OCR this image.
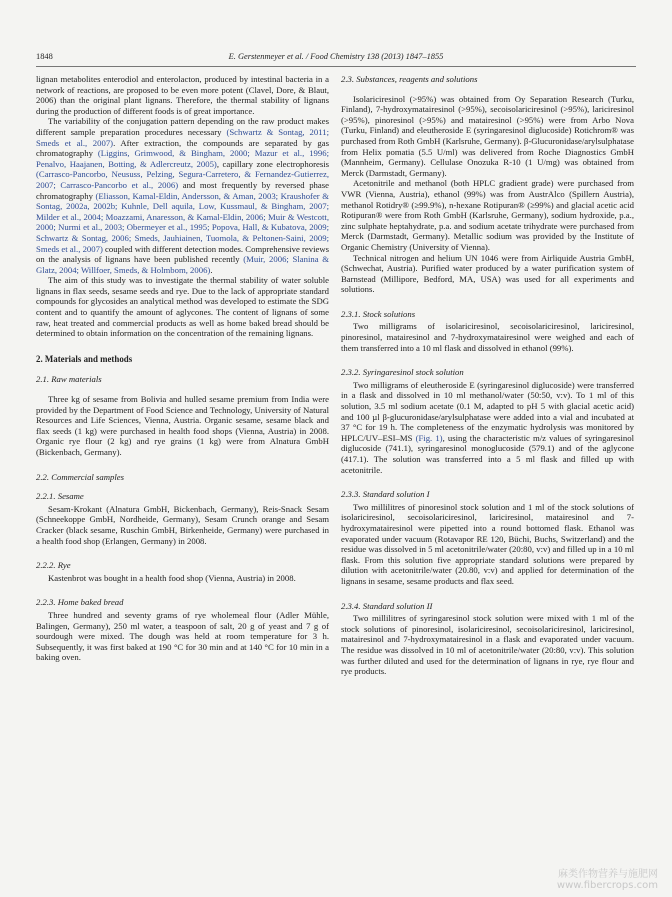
1848	E. Gerstenmeyer et al. / Food Chemistry 138 (2013) 1847–1855

lignan metabolites enterodiol and enterolacton, produced by intestinal bacteria in a network of reactions, are proposed to be even more potent (Clavel, Dore, & Blaut, 2006) than the original plant lignans. Therefore, the thermal stability of lignans during the production of different foods is of great importance.

The variability of the conjugation pattern depending on the raw product makes different sample preparation procedures necessary (Schwartz & Sontag, 2011; Smeds et al., 2007). After extraction, the compounds are separated by gas chromatography (Liggins, Grimwood, & Bingham, 2000; Mazur et al., 1996; Penalvo, Haajanen, Botting, & Adlercreutz, 2005), capillary zone electrophoresis (Carrasco-Pancorbo, Neususs, Pelzing, Segura-Carretero, & Fernandez-Gutierrez, 2007; Carrasco-Pancorbo et al., 2006) and most frequently by reversed phase chromatography (Eliasson, Kamal-Eldin, Andersson, & Aman, 2003; Kraushofer & Sontag, 2002a, 2002b; Kuhnle, Dell aquila, Low, Kussmaul, & Bingham, 2007; Milder et al., 2004; Moazzami, Anaresson, & Kamal-Eldin, 2006; Muir & Westcott, 2000; Nurmi et al., 2003; Obermeyer et al., 1995; Popova, Hall, & Kubatova, 2009; Schwartz & Sontag, 2006; Smeds, Jauhiainen, Tuomola, & Peltonen-Saini, 2009; Smeds et al., 2007) coupled with different detection modes. Comprehensive reviews on the analysis of lignans have been published recently (Muir, 2006; Slanina & Glatz, 2004; Willfoer, Smeds, & Holmbom, 2006).

The aim of this study was to investigate the thermal stability of water soluble lignans in flax seeds, sesame seeds and rye. Due to the lack of appropriate standard compounds for glycosides an analytical method was developed to estimate the SDG content and to quantify the amount of aglycones. The content of lignans of some raw, heat treated and commercial products as well as home baked bread should be determined to obtain information on the concentration of the remaining lignans.

2. Materials and methods
2.1. Raw materials

Three kg of sesame from Bolivia and hulled sesame premium from India were provided by the Department of Food Science and Technology, University of Natural Resources and Life Sciences, Vienna, Austria. Organic sesame, sesame black and flax seeds (1 kg) were purchased in health food shops (Vienna, Austria) in 2008. Organic rye flour (2 kg) and rye grains (1 kg) were from Alnatura GmbH (Bickenbach, Germany).

2.2. Commercial samples
2.2.1. Sesame

Sesam-Krokant (Alnatura GmbH, Bickenbach, Germany), Reis-Snack Sesam (Schneekoppe GmbH, Nordheide, Germany), Sesam Crunch orange and Sesam Cracker (black sesame, Ruschin GmbH, Birkenheide, Germany) were purchased in a health food shop (Erlangen, Germany) in 2008.

2.2.2. Rye

Kastenbrot was bought in a health food shop (Vienna, Austria) in 2008.

2.2.3. Home baked bread

Three hundred and seventy grams of rye wholemeal flour (Adler Mühle, Balingen, Germany), 250 ml water, a teaspoon of salt, 20 g of yeast and 7 g of sourdough were mixed. The dough was held at room temperature for 3 h. Subsequently, it was first baked at 190 °C for 30 min and at 140 °C for 10 min in a baking oven.

2.3. Substances, reagents and solutions

Isolariciresinol (>95%) was obtained from Oy Separation Research (Turku, Finland), 7-hydroxymatairesinol (>95%), secoisolariciresinol (>95%), lariciresinol (>95%), pinoresinol (>95%) and matairesinol (>95%) were from Arbo Nova (Turku, Finland) and eleutheroside E (syringaresinol diglucoside) Rotichrom® was purchased from Roth GmbH (Karlsruhe, Germany). β-Glucuronidase/arylsulphatase from Helix pomatia (5.5 U/ml) was delivered from Roche Diagnostics GmbH (Mannheim, Germany). Cellulase Onozuka R-10 (1 U/mg) was obtained from Merck (Darmstadt, Germany).

Acetonitrile and methanol (both HPLC gradient grade) were purchased from VWR (Vienna, Austria), ethanol (99%) was from AustrAlco (Spillern Austria), methanol Rotidry® (≥99.9%), n-hexane Rotipuran® (≥99%) and glacial acetic acid Rotipuran® were from Roth GmbH (Karlsruhe, Germany), sodium hydroxide, p.a., zinc sulphate heptahydrate, p.a. and sodium acetate trihydrate were purchased from Merck (Darmstadt, Germany). Metallic sodium was provided by the Institute of Organic Chemistry (University of Vienna).

Technical nitrogen and helium UN 1046 were from Airliquide Austria GmbH, (Schwechat, Austria). Purified water produced by a water purification system of Barnstead (Millipore, Bedford, MA, USA) was used for all experiments and solutions.

2.3.1. Stock solutions

Two milligrams of isolariciresinol, secoisolariciresinol, lariciresinol, pinoresinol, matairesinol and 7-hydroxymatairesinol were weighed and each of them transferred into a 10 ml flask and dissolved in ethanol (99%).

2.3.2. Syringaresinol stock solution

Two milligrams of eleutheroside E (syringaresinol diglucoside) were transferred in a flask and dissolved in 10 ml methanol/water (50:50, v:v). To 1 ml of this solution, 3.5 ml sodium acetate (0.1 M, adapted to pH 5 with glacial acetic acid) and 100 µl β-glucuronidase/arylsulphatase were added into a vial and incubated at 37 °C for 19 h. The completeness of the enzymatic hydrolysis was monitored by HPLC/UV–ESI–MS (Fig. 1), using the characteristic m/z values of syringaresinol diglucoside (741.1), syringaresinol monoglucoside (579.1) and of the aglycone (417.1). The solution was transferred into a 5 ml flask and filled up with acetonitrile.

2.3.3. Standard solution I

Two millilitres of pinoresinol stock solution and 1 ml of the stock solutions of isolariciresinol, secoisolariciresinol, lariciresinol, matairesinol and 7-hydroxymatairesinol were pipetted into a round bottomed flask. Ethanol was evaporated under vacuum (Rotavapor RE 120, Büchi, Buchs, Switzerland) and the residue was dissolved in 5 ml acetonitrile/water (20:80, v:v) and filled up in a 10 ml flask. From this solution five appropriate standard solutions were prepared by dilution with acetonitrile/water (20.80, v:v) and applied for determination of the lignans in sesame, sesame products and flax seed.

2.3.4. Standard solution II

Two millilitres of syringaresinol stock solution were mixed with 1 ml of the stock solutions of pinoresinol, isolariciresinol, secoisolariciresinol, lariciresinol, matairesinol and 7-hydroxymatairesinol in a flask and evaporated under vacuum. The residue was dissolved in 10 ml of acetonitrile/water (20:80, v:v). This solution was further diluted and used for the determination of lignans in rye, rye flour and rye products.

麻类作物营养与施肥网
www.fibercrops.com
